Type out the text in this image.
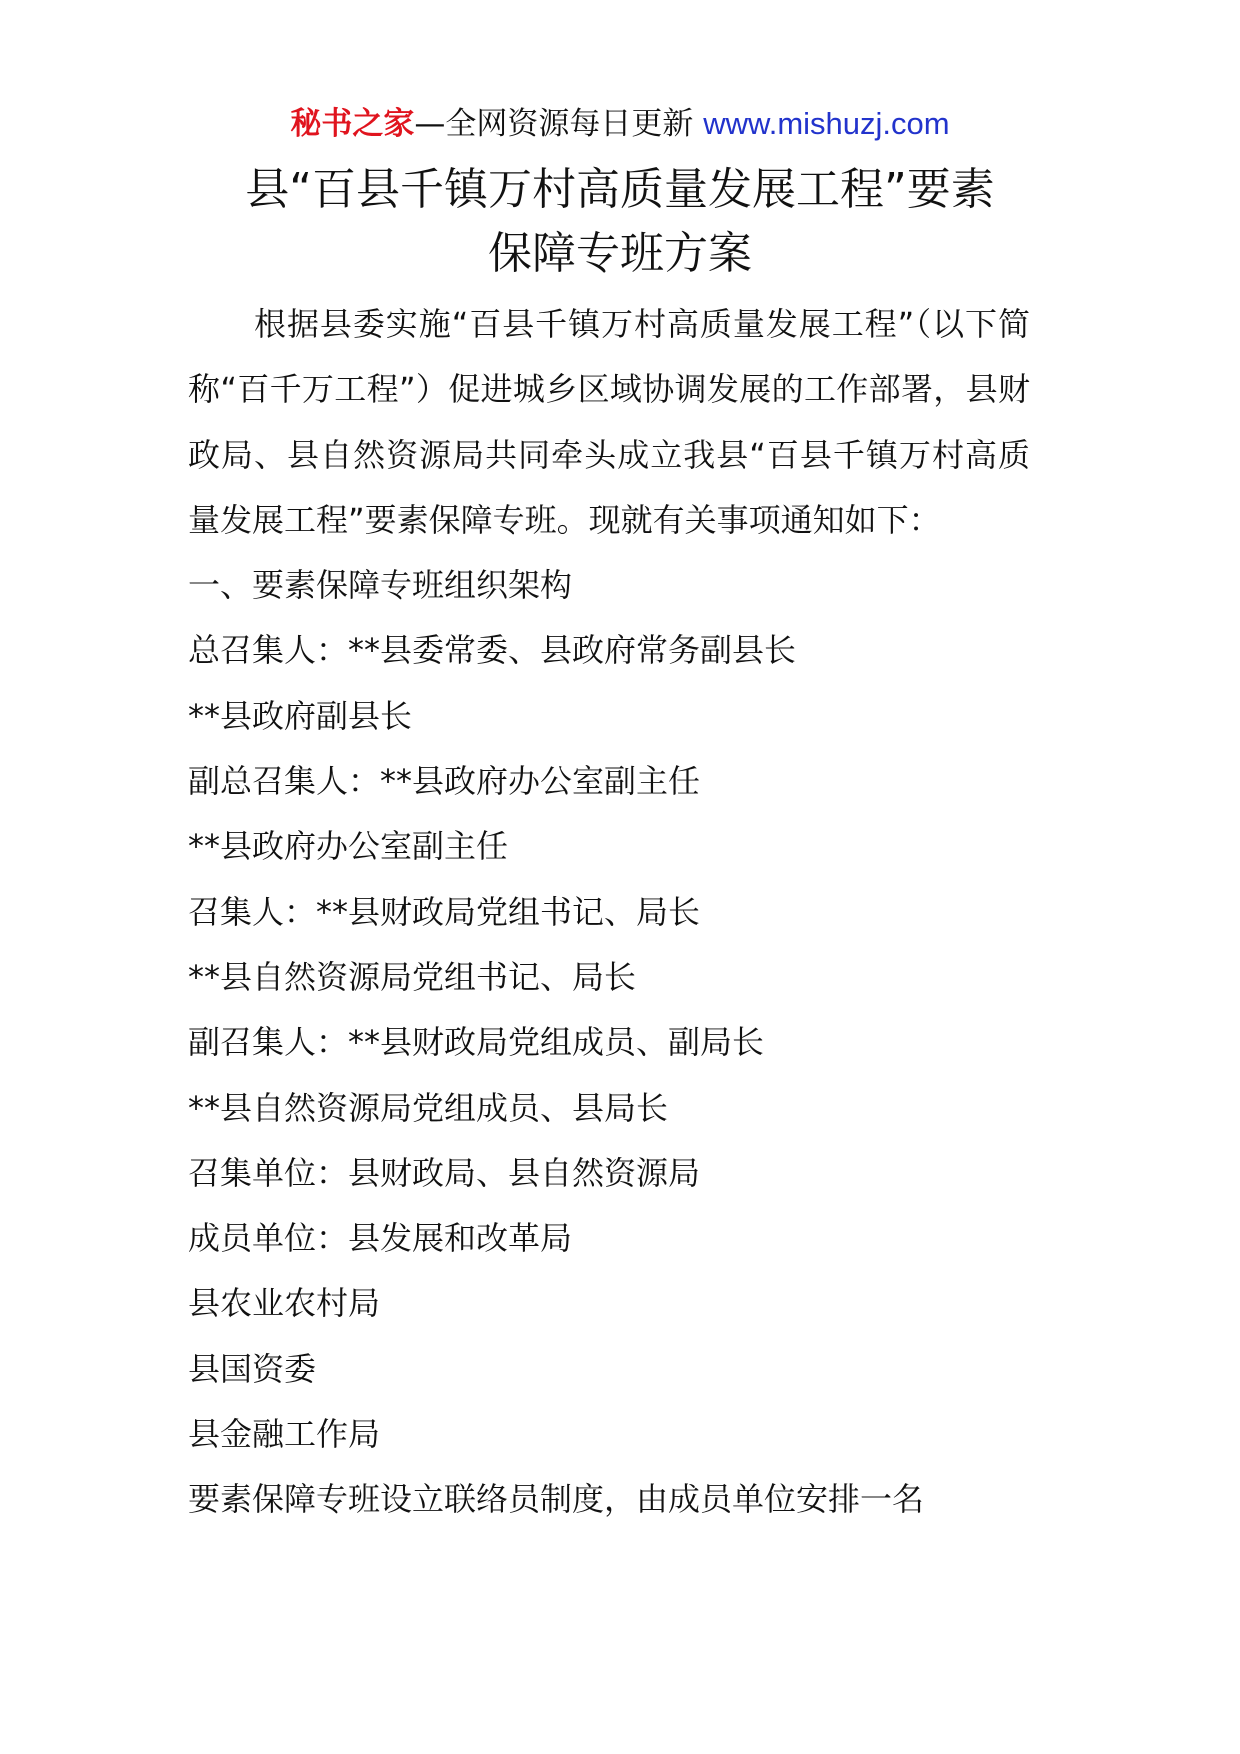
秘书之家—全网资源每日更新 www.mishuzj.com
县“百县千镇万村高质量发展工程”要素
保障专班方案

根据县委实施“百县千镇万村高质量发展工程”（以下简称“百千万工程”）促进城乡区域协调发展的工作部署，县财政局、县自然资源局共同牵头成立我县“百县千镇万村高质量发展工程”要素保障专班。现就有关事项通知如下：

一、要素保障专班组织架构

总召集人：**县委常委、县政府常务副县长

**县政府副县长

副总召集人：**县政府办公室副主任

**县政府办公室副主任

召集人：**县财政局党组书记、局长

**县自然资源局党组书记、局长

副召集人：**县财政局党组成员、副局长

**县自然资源局党组成员、县局长

召集单位：县财政局、县自然资源局

成员单位：县发展和改革局

县农业农村局

县国资委

县金融工作局

要素保障专班设立联络员制度，由成员单位安排一名
